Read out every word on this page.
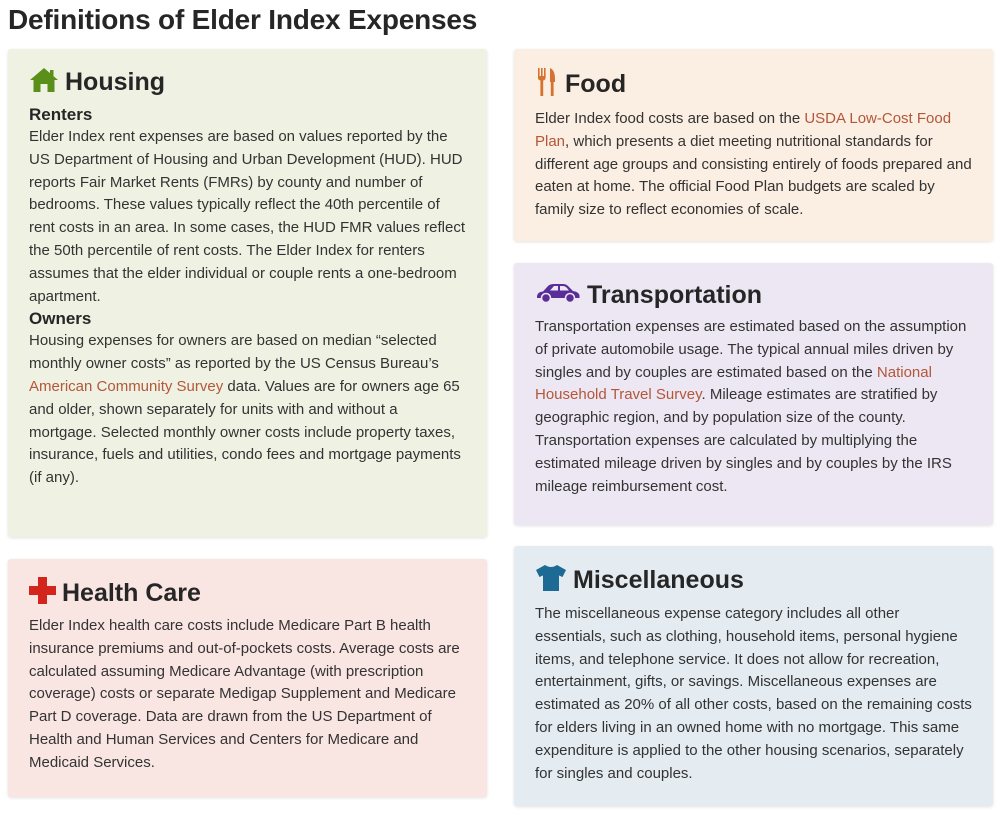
Definitions of Elder Index Expenses
Housing
Renters

Elder Index rent expenses are based on values reported by the US Department of Housing and Urban Development (HUD). HUD reports Fair Market Rents (FMRs) by county and number of bedrooms. These values typically reflect the 40th percentile of rent costs in an area. In some cases, the HUD FMR values reflect the 50th percentile of rent costs. The Elder Index for renters assumes that the elder individual or couple rents a one-bedroom apartment.

Owners

Housing expenses for owners are based on median “selected monthly owner costs” as reported by the US Census Bureau’s American Community Survey data. Values are for owners age 65 and older, shown separately for units with and without a mortgage. Selected monthly owner costs include property taxes, insurance, fuels and utilities, condo fees and mortgage payments (if any).

Food

Elder Index food costs are based on the USDA Low-Cost Food Plan, which presents a diet meeting nutritional standards for different age groups and consisting entirely of foods prepared and eaten at home. The official Food Plan budgets are scaled by family size to reflect economies of scale.

Transportation

Transportation expenses are estimated based on the assumption of private automobile usage. The typical annual miles driven by singles and by couples are estimated based on the National Household Travel Survey. Mileage estimates are stratified by geographic region, and by population size of the county. Transportation expenses are calculated by multiplying the estimated mileage driven by singles and by couples by the IRS mileage reimbursement cost.

Health Care

Elder Index health care costs include Medicare Part B health insurance premiums and out-of-pockets costs. Average costs are calculated assuming Medicare Advantage (with prescription coverage) costs or separate Medigap Supplement and Medicare Part D coverage. Data are drawn from the US Department of Health and Human Services and Centers for Medicare and Medicaid Services.

Miscellaneous

The miscellaneous expense category includes all other essentials, such as clothing, household items, personal hygiene items, and telephone service. It does not allow for recreation, entertainment, gifts, or savings. Miscellaneous expenses are estimated as 20% of all other costs, based on the remaining costs for elders living in an owned home with no mortgage. This same expenditure is applied to the other housing scenarios, separately for singles and couples.
